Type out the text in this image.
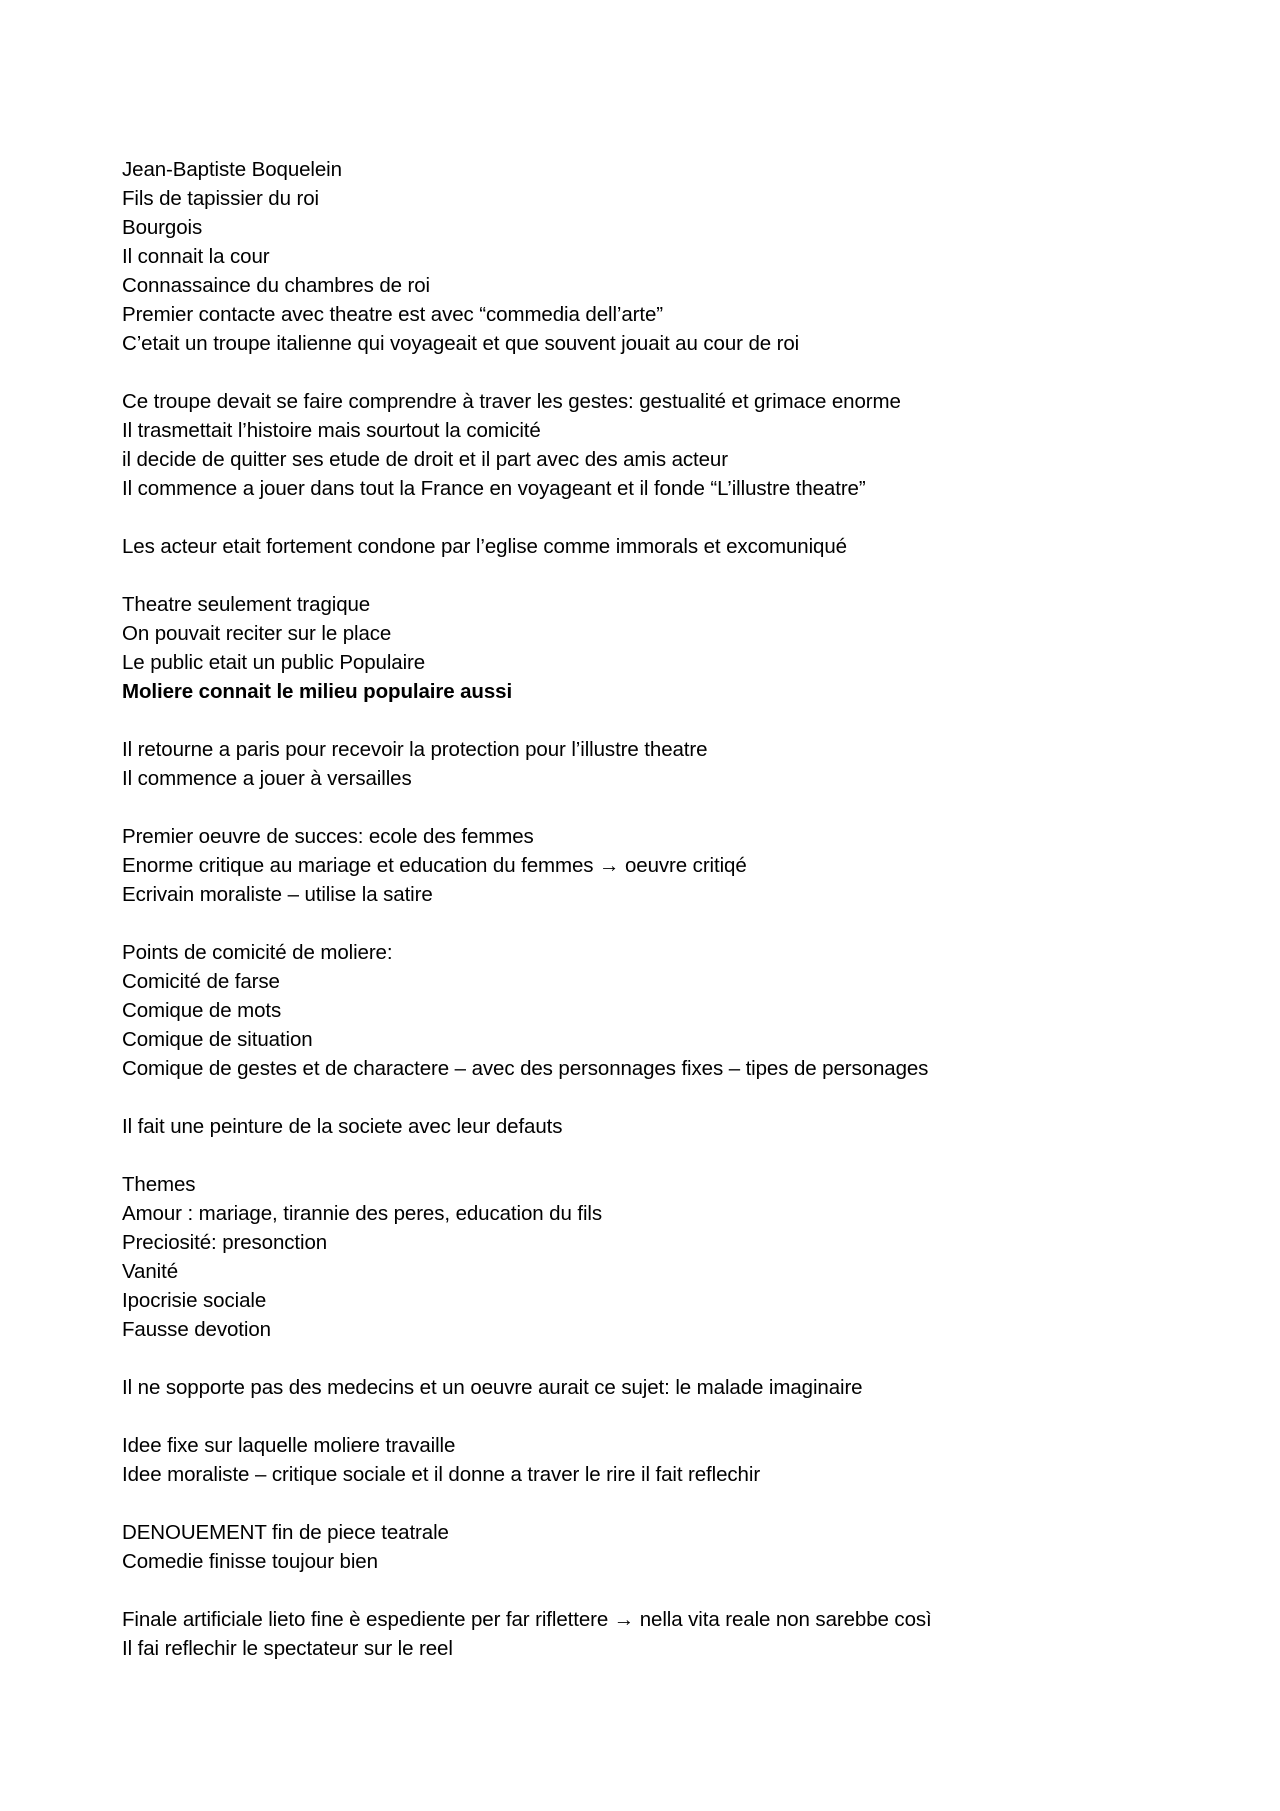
Jean-Baptiste Boquelein
Fils de tapissier du roi
Bourgois
Il connait la cour
Connassaince du chambres de roi
Premier contacte avec theatre est avec “commedia dell’arte”
C’etait un troupe italienne qui voyageait et que souvent jouait au cour de roi
Ce troupe devait se faire comprendre à traver les gestes: gestualité et grimace enorme
Il trasmettait l’histoire mais sourtout la comicité
il decide de quitter ses etude de droit et il part avec des amis acteur
Il commence a jouer dans tout la France en voyageant et il fonde “L’illustre theatre”
Les acteur etait fortement condone par l’eglise comme immorals et excomuniqué
Theatre seulement tragique
On pouvait reciter sur le place
Le public etait un public Populaire
Moliere connait le milieu populaire aussi
Il retourne a paris pour recevoir la protection pour l’illustre theatre
Il commence a jouer à versailles
Premier oeuvre de succes: ecole des femmes
Enorme critique au mariage et education du femmes → oeuvre critiqé
Ecrivain moraliste – utilise la satire
Points de comicité de moliere:
Comicité de farse
Comique de mots
Comique de situation
Comique de gestes et de charactere – avec des personnages fixes – tipes de personages
Il fait une peinture de la societe avec leur defauts
Themes
Amour : mariage, tirannie des peres, education du fils
Preciosité: presonction
Vanité
Ipocrisie sociale
Fausse devotion
Il ne sopporte pas des medecins et un oeuvre aurait ce sujet: le malade imaginaire
Idee fixe sur laquelle moliere travaille
Idee moraliste – critique sociale et il donne a traver le rire il fait reflechir
DENOUEMENT fin de piece teatrale
Comedie finisse toujour bien
Finale artificiale lieto fine è espediente per far riflettere → nella vita reale non sarebbe così
Il fai reflechir le spectateur sur le reel
